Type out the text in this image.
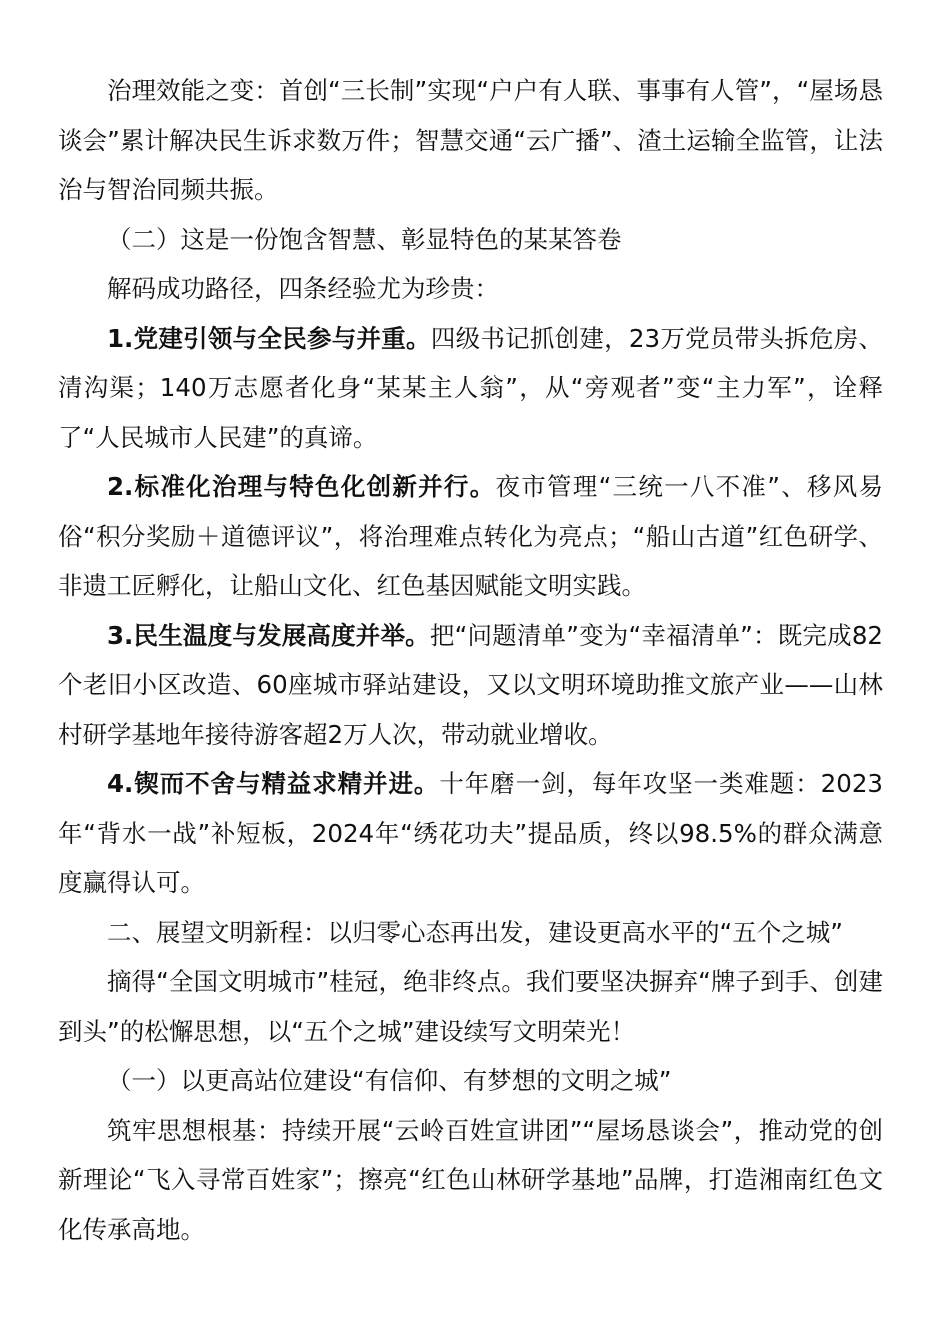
治理效能之变：首创“三长制”实现“户户有人联、事事有人管”，“屋场恳谈会”累计解决民生诉求数万件；智慧交通“云广播”、渣土运输全监管，让法治与智治同频共振。

（二）这是一份饱含智慧、彰显特色的某某答卷

解码成功路径，四条经验尤为珍贵：

1.党建引领与全民参与并重。四级书记抓创建，23万党员带头拆危房、清沟渠；140万志愿者化身“某某主人翁”，从“旁观者”变“主力军”，诠释了“人民城市人民建”的真谛。

2.标准化治理与特色化创新并行。夜市管理“三统一八不准”、移风易俗“积分奖励＋道德评议”，将治理难点转化为亮点；“船山古道”红色研学、非遗工匠孵化，让船山文化、红色基因赋能文明实践。

3.民生温度与发展高度并举。把“问题清单”变为“幸福清单”：既完成82个老旧小区改造、60座城市驿站建设，又以文明环境助推文旅产业——山林村研学基地年接待游客超2万人次，带动就业增收。

4.锲而不舍与精益求精并进。十年磨一剑，每年攻坚一类难题：2023年“背水一战”补短板，2024年“绣花功夫”提品质，终以98.5%的群众满意度赢得认可。

二、展望文明新程：以归零心态再出发，建设更高水平的“五个之城”

摘得“全国文明城市”桂冠，绝非终点。我们要坚决摒弃“牌子到手、创建到头”的松懈思想，以“五个之城”建设续写文明荣光！

（一）以更高站位建设“有信仰、有梦想的文明之城”

筑牢思想根基：持续开展“云岭百姓宣讲团”“屋场恳谈会”，推动党的创新理论“飞入寻常百姓家”；擦亮“红色山林研学基地”品牌，打造湘南红色文化传承高地。
